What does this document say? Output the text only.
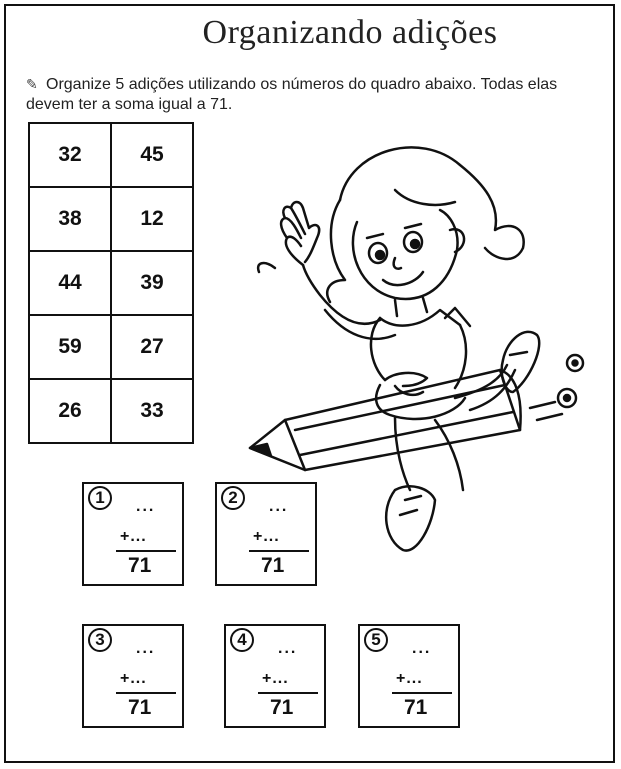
Organizando adições
✎ Organize 5 adições utilizando os números do quadro abaixo. Todas elas devem ter a soma igual a 71.
32	45
38	12
44	39
59	27
26	33
1	...
+...
71
2	...
+...
71
3	...
+...
71
4	...
+...
71
5	...
+...
71
